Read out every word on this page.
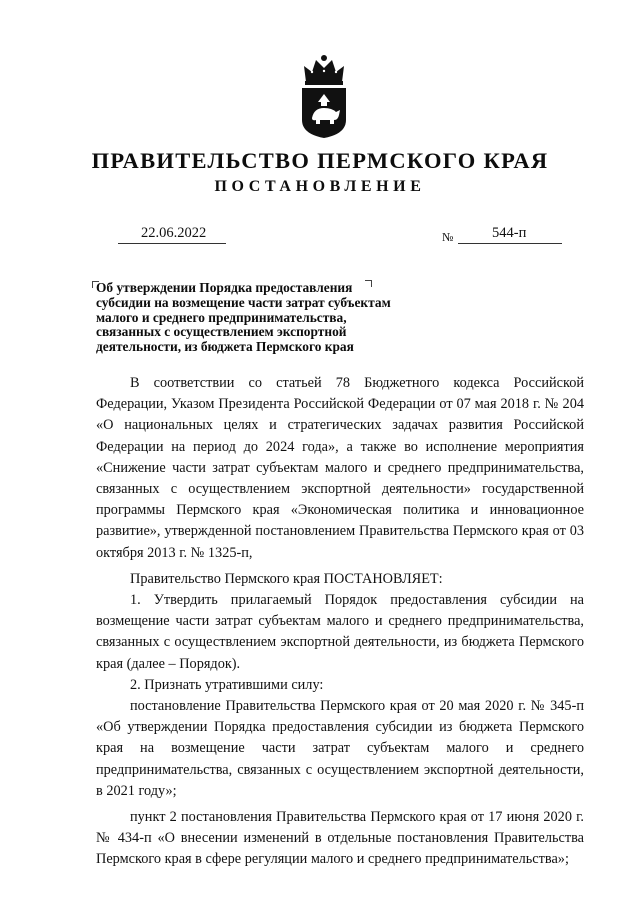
ПРАВИТЕЛЬСТВО ПЕРМСКОГО КРАЯ
ПОСТАНОВЛЕНИЕ
22.06.2022	№	544-п
Об утверждении Порядка предоставления
субсидии на возмещение части затрат субъектам
малого и среднего предпринимательства,
связанных с осуществлением экспортной
деятельности, из бюджета Пермского края

В соответствии со статьей 78 Бюджетного кодекса Российской Федерации, Указом Президента Российской Федерации от 07 мая 2018 г. № 204 «О национальных целях и стратегических задачах развития Российской Федерации на период до 2024 года», а также во исполнение мероприятия «Снижение части затрат субъектам малого и среднего предпринимательства, связанных с осуществлением экспортной деятельности» государственной программы Пермского края «Экономическая политика и инновационное развитие», утвержденной постановлением Правительства Пермского края от 03 октября 2013 г. № 1325-п,

Правительство Пермского края ПОСТАНОВЛЯЕТ:

1. Утвердить прилагаемый Порядок предоставления субсидии на возмещение части затрат субъектам малого и среднего предпринимательства, связанных с осуществлением экспортной деятельности, из бюджета Пермского края (далее – Порядок).

2. Признать утратившими силу:

постановление Правительства Пермского края от 20 мая 2020 г. № 345-п «Об утверждении Порядка предоставления субсидии из бюджета Пермского края на возмещение части затрат субъектам малого и среднего предпринимательства, связанных с осуществлением экспортной деятельности, в 2021 году»;

пункт 2 постановления Правительства Пермского края от 17 июня 2020 г. № 434-п «О внесении изменений в отдельные постановления Правительства Пермского края в сфере регуляции малого и среднего предпринимательства»;
